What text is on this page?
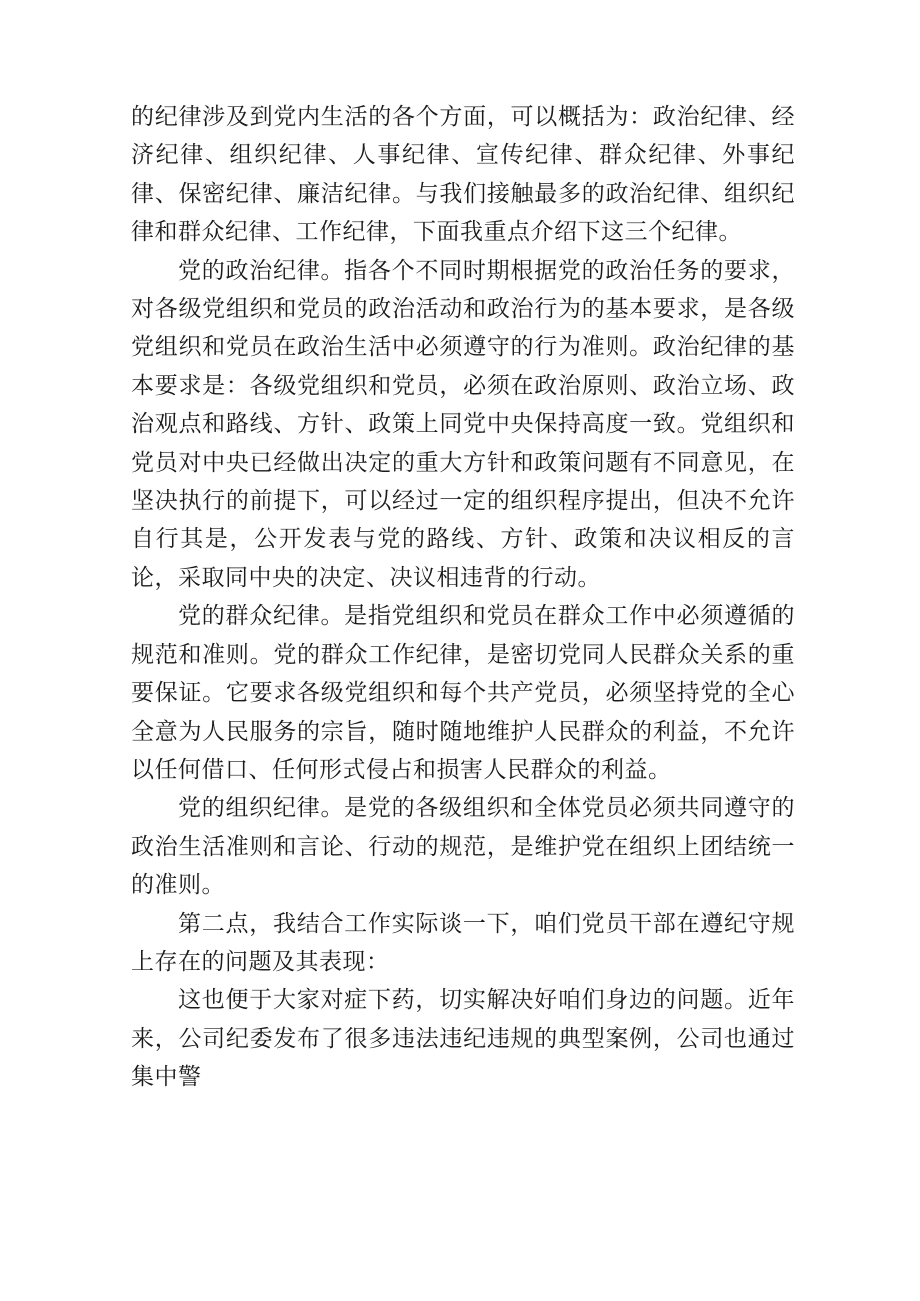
的纪律涉及到党内生活的各个方面，可以概括为：政治纪律、经济纪律、组织纪律、人事纪律、宣传纪律、群众纪律、外事纪律、保密纪律、廉洁纪律。与我们接触最多的政治纪律、组织纪律和群众纪律、工作纪律，下面我重点介绍下这三个纪律。

党的政治纪律。指各个不同时期根据党的政治任务的要求，对各级党组织和党员的政治活动和政治行为的基本要求，是各级党组织和党员在政治生活中必须遵守的行为准则。政治纪律的基本要求是：各级党组织和党员，必须在政治原则、政治立场、政治观点和路线、方针、政策上同党中央保持高度一致。党组织和党员对中央已经做出决定的重大方针和政策问题有不同意见，在坚决执行的前提下，可以经过一定的组织程序提出，但决不允许自行其是，公开发表与党的路线、方针、政策和决议相反的言论，采取同中央的决定、决议相违背的行动。

党的群众纪律。是指党组织和党员在群众工作中必须遵循的规范和准则。党的群众工作纪律，是密切党同人民群众关系的重要保证。它要求各级党组织和每个共产党员，必须坚持党的全心全意为人民服务的宗旨，随时随地维护人民群众的利益，不允许以任何借口、任何形式侵占和损害人民群众的利益。

党的组织纪律。是党的各级组织和全体党员必须共同遵守的政治生活准则和言论、行动的规范，是维护党在组织上团结统一的准则。

第二点，我结合工作实际谈一下，咱们党员干部在遵纪守规上存在的问题及其表现：

这也便于大家对症下药，切实解决好咱们身边的问题。近年来，公司纪委发布了很多违法违纪违规的典型案例，公司也通过集中警
